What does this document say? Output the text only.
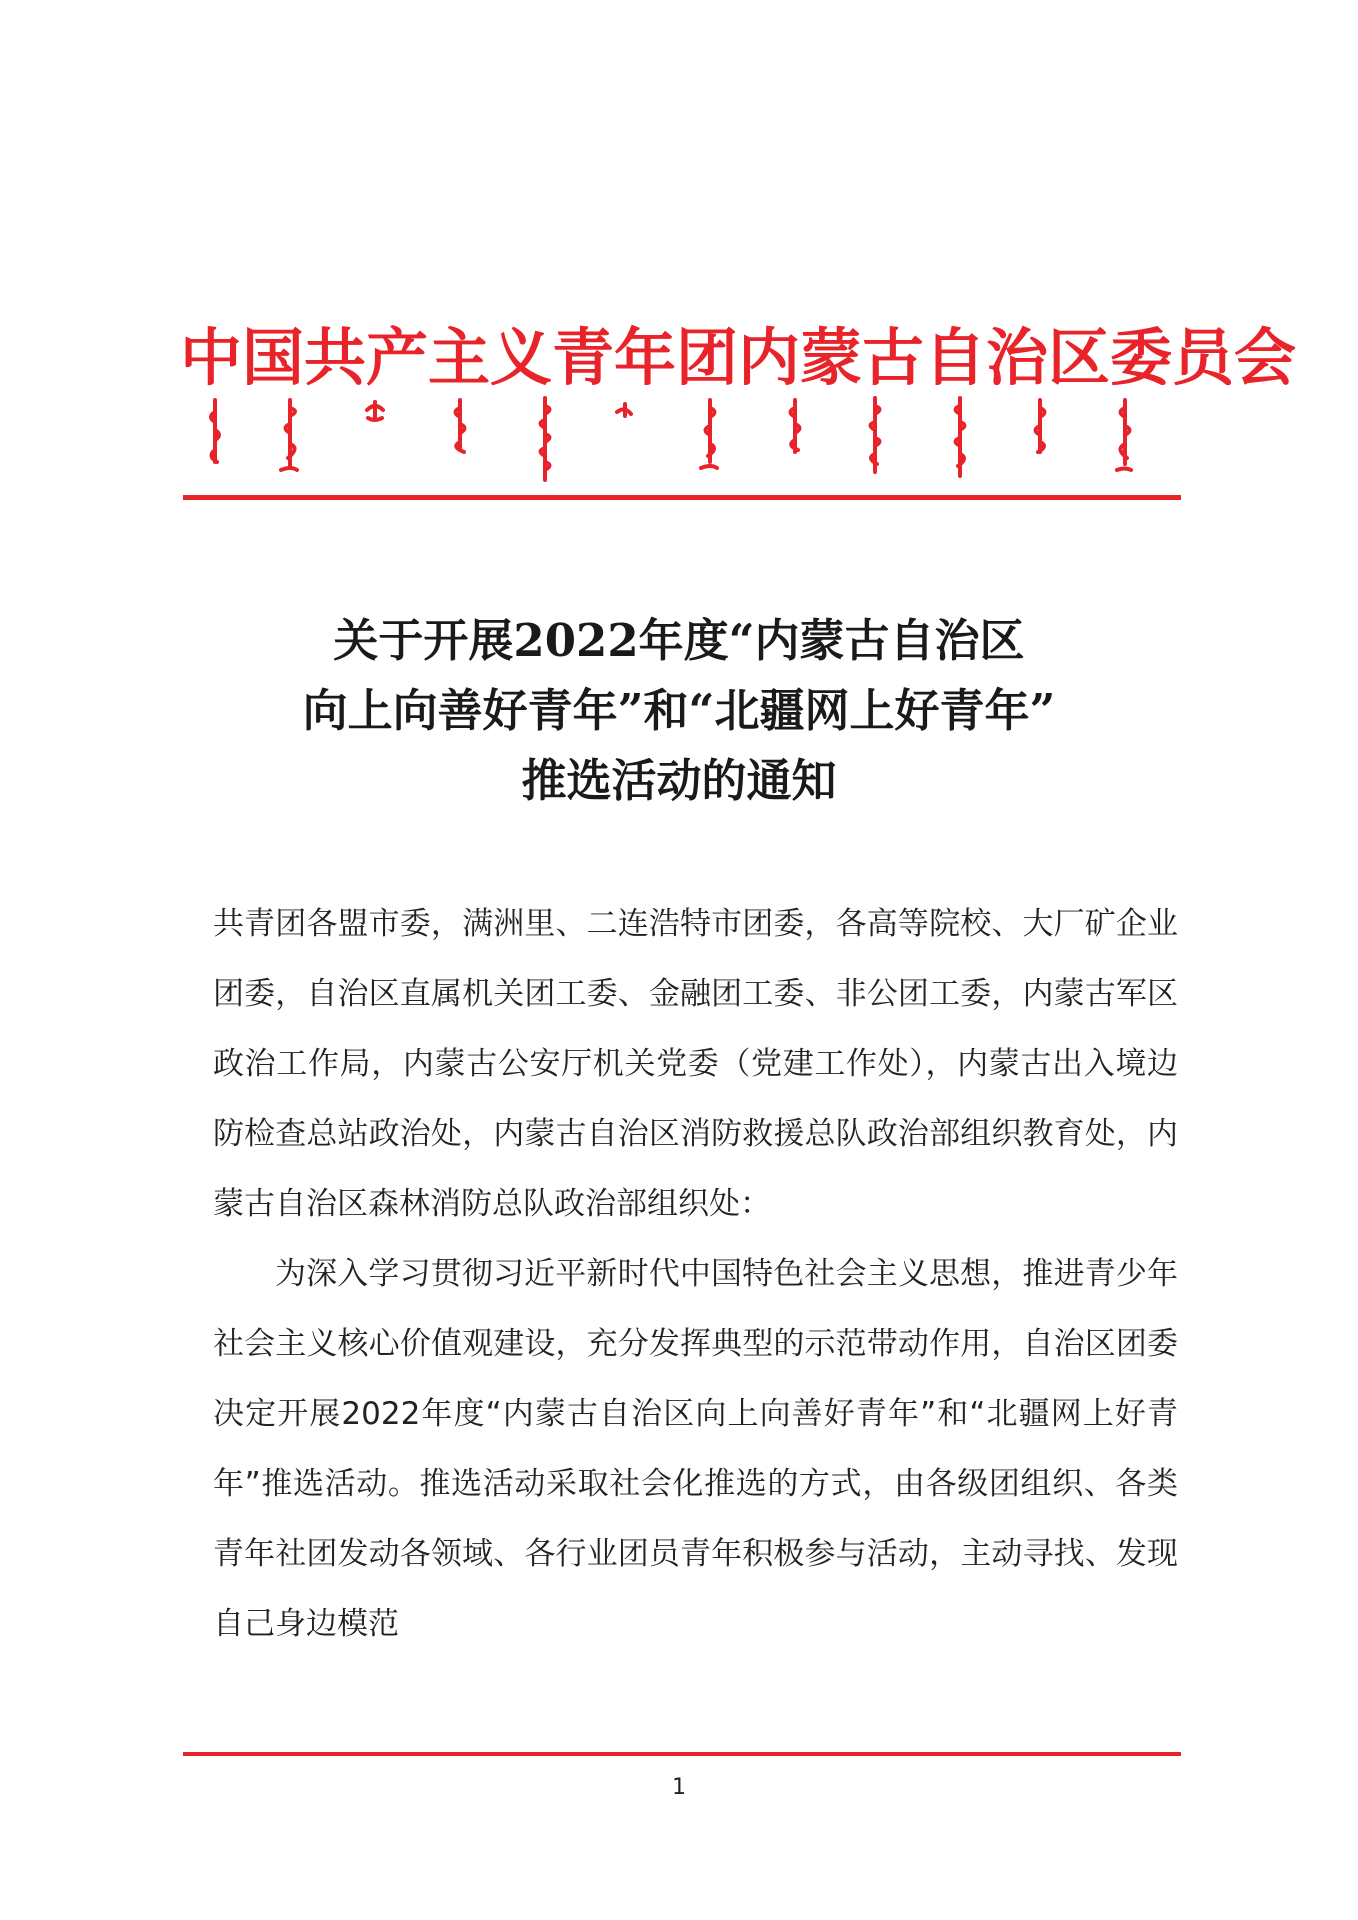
中国共产主义青年团内蒙古自治区委员会
关于开展2022年度“内蒙古自治区
向上向善好青年”和“北疆网上好青年”
推选活动的通知

共青团各盟市委，满洲里、二连浩特市团委，各高等院校、大厂矿企业团委，自治区直属机关团工委、金融团工委、非公团工委，内蒙古军区政治工作局，内蒙古公安厅机关党委（党建工作处），内蒙古出入境边防检查总站政治处，内蒙古自治区消防救援总队政治部组织教育处，内蒙古自治区森林消防总队政治部组织处：

为深入学习贯彻习近平新时代中国特色社会主义思想，推进青少年社会主义核心价值观建设，充分发挥典型的示范带动作用，自治区团委决定开展2022年度“内蒙古自治区向上向善好青年”和“北疆网上好青年”推选活动。推选活动采取社会化推选的方式，由各级团组织、各类青年社团发动各领域、各行业团员青年积极参与活动，主动寻找、发现自己身边模范

1
